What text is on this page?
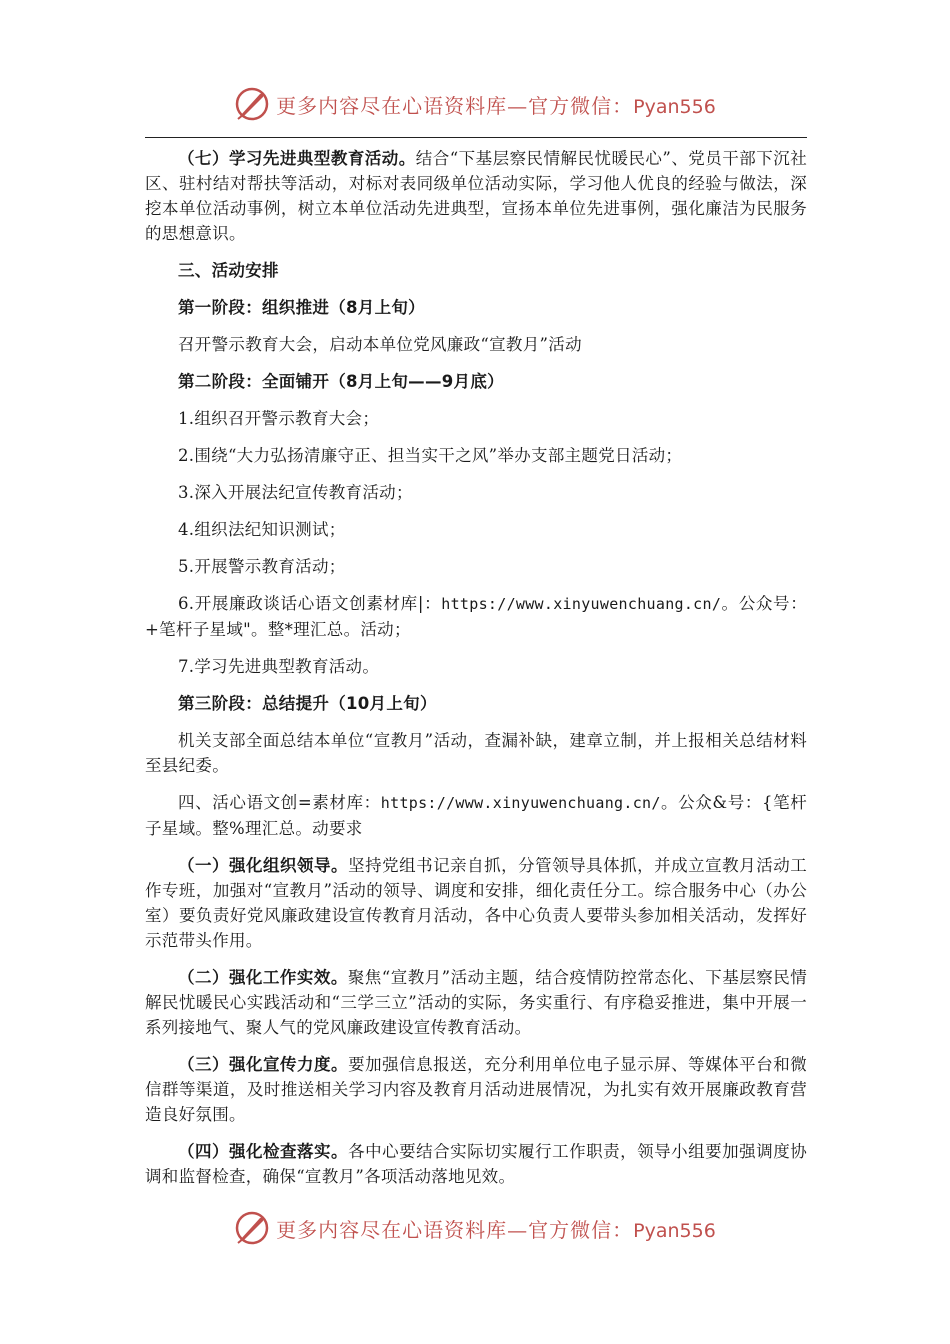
更多内容尽在心语资料库—官方微信：Pyan556

（七）学习先进典型教育活动。结合“下基层察民情解民忧暖民心”、党员干部下沉社区、驻村结对帮扶等活动，对标对表同级单位活动实际，学习他人优良的经验与做法，深挖本单位活动事例，树立本单位活动先进典型，宣扬本单位先进事例，强化廉洁为民服务的思想意识。

三、活动安排

第一阶段：组织推进（8月上旬）

召开警示教育大会，启动本单位党风廉政“宣教月”活动

第二阶段：全面铺开（8月上旬——9月底）

1.组织召开警示教育大会；

2.围绕“大力弘扬清廉守正、担当实干之风”举办支部主题党日活动；

3.深入开展法纪宣传教育活动；

4.组织法纪知识测试；

5.开展警示教育活动；

6.开展廉政谈话心语文创素材库|：https://www.xinyuwenchuang.cn/。公众号：+笔杆子星域"。整*理汇总。活动；

7.学习先进典型教育活动。

第三阶段：总结提升（10月上旬）

机关支部全面总结本单位“宣教月”活动，查漏补缺，建章立制，并上报相关总结材料至县纪委。

四、活心语文创=素材库：https://www.xinyuwenchuang.cn/。公众&号：{笔杆子星域。整%理汇总。动要求

（一）强化组织领导。坚持党组书记亲自抓，分管领导具体抓，并成立宣教月活动工作专班，加强对“宣教月”活动的领导、调度和安排，细化责任分工。综合服务中心（办公室）要负责好党风廉政建设宣传教育月活动，各中心负责人要带头参加相关活动，发挥好示范带头作用。

（二）强化工作实效。聚焦“宣教月”活动主题，结合疫情防控常态化、下基层察民情解民忧暖民心实践活动和“三学三立”活动的实际，务实重行、有序稳妥推进，集中开展一系列接地气、聚人气的党风廉政建设宣传教育活动。

（三）强化宣传力度。要加强信息报送，充分利用单位电子显示屏、等媒体平台和微信群等渠道，及时推送相关学习内容及教育月活动进展情况，为扎实有效开展廉政教育营造良好氛围。

（四）强化检查落实。各中心要结合实际切实履行工作职责，领导小组要加强调度协调和监督检查，确保“宣教月”各项活动落地见效。

更多内容尽在心语资料库—官方微信：Pyan556
